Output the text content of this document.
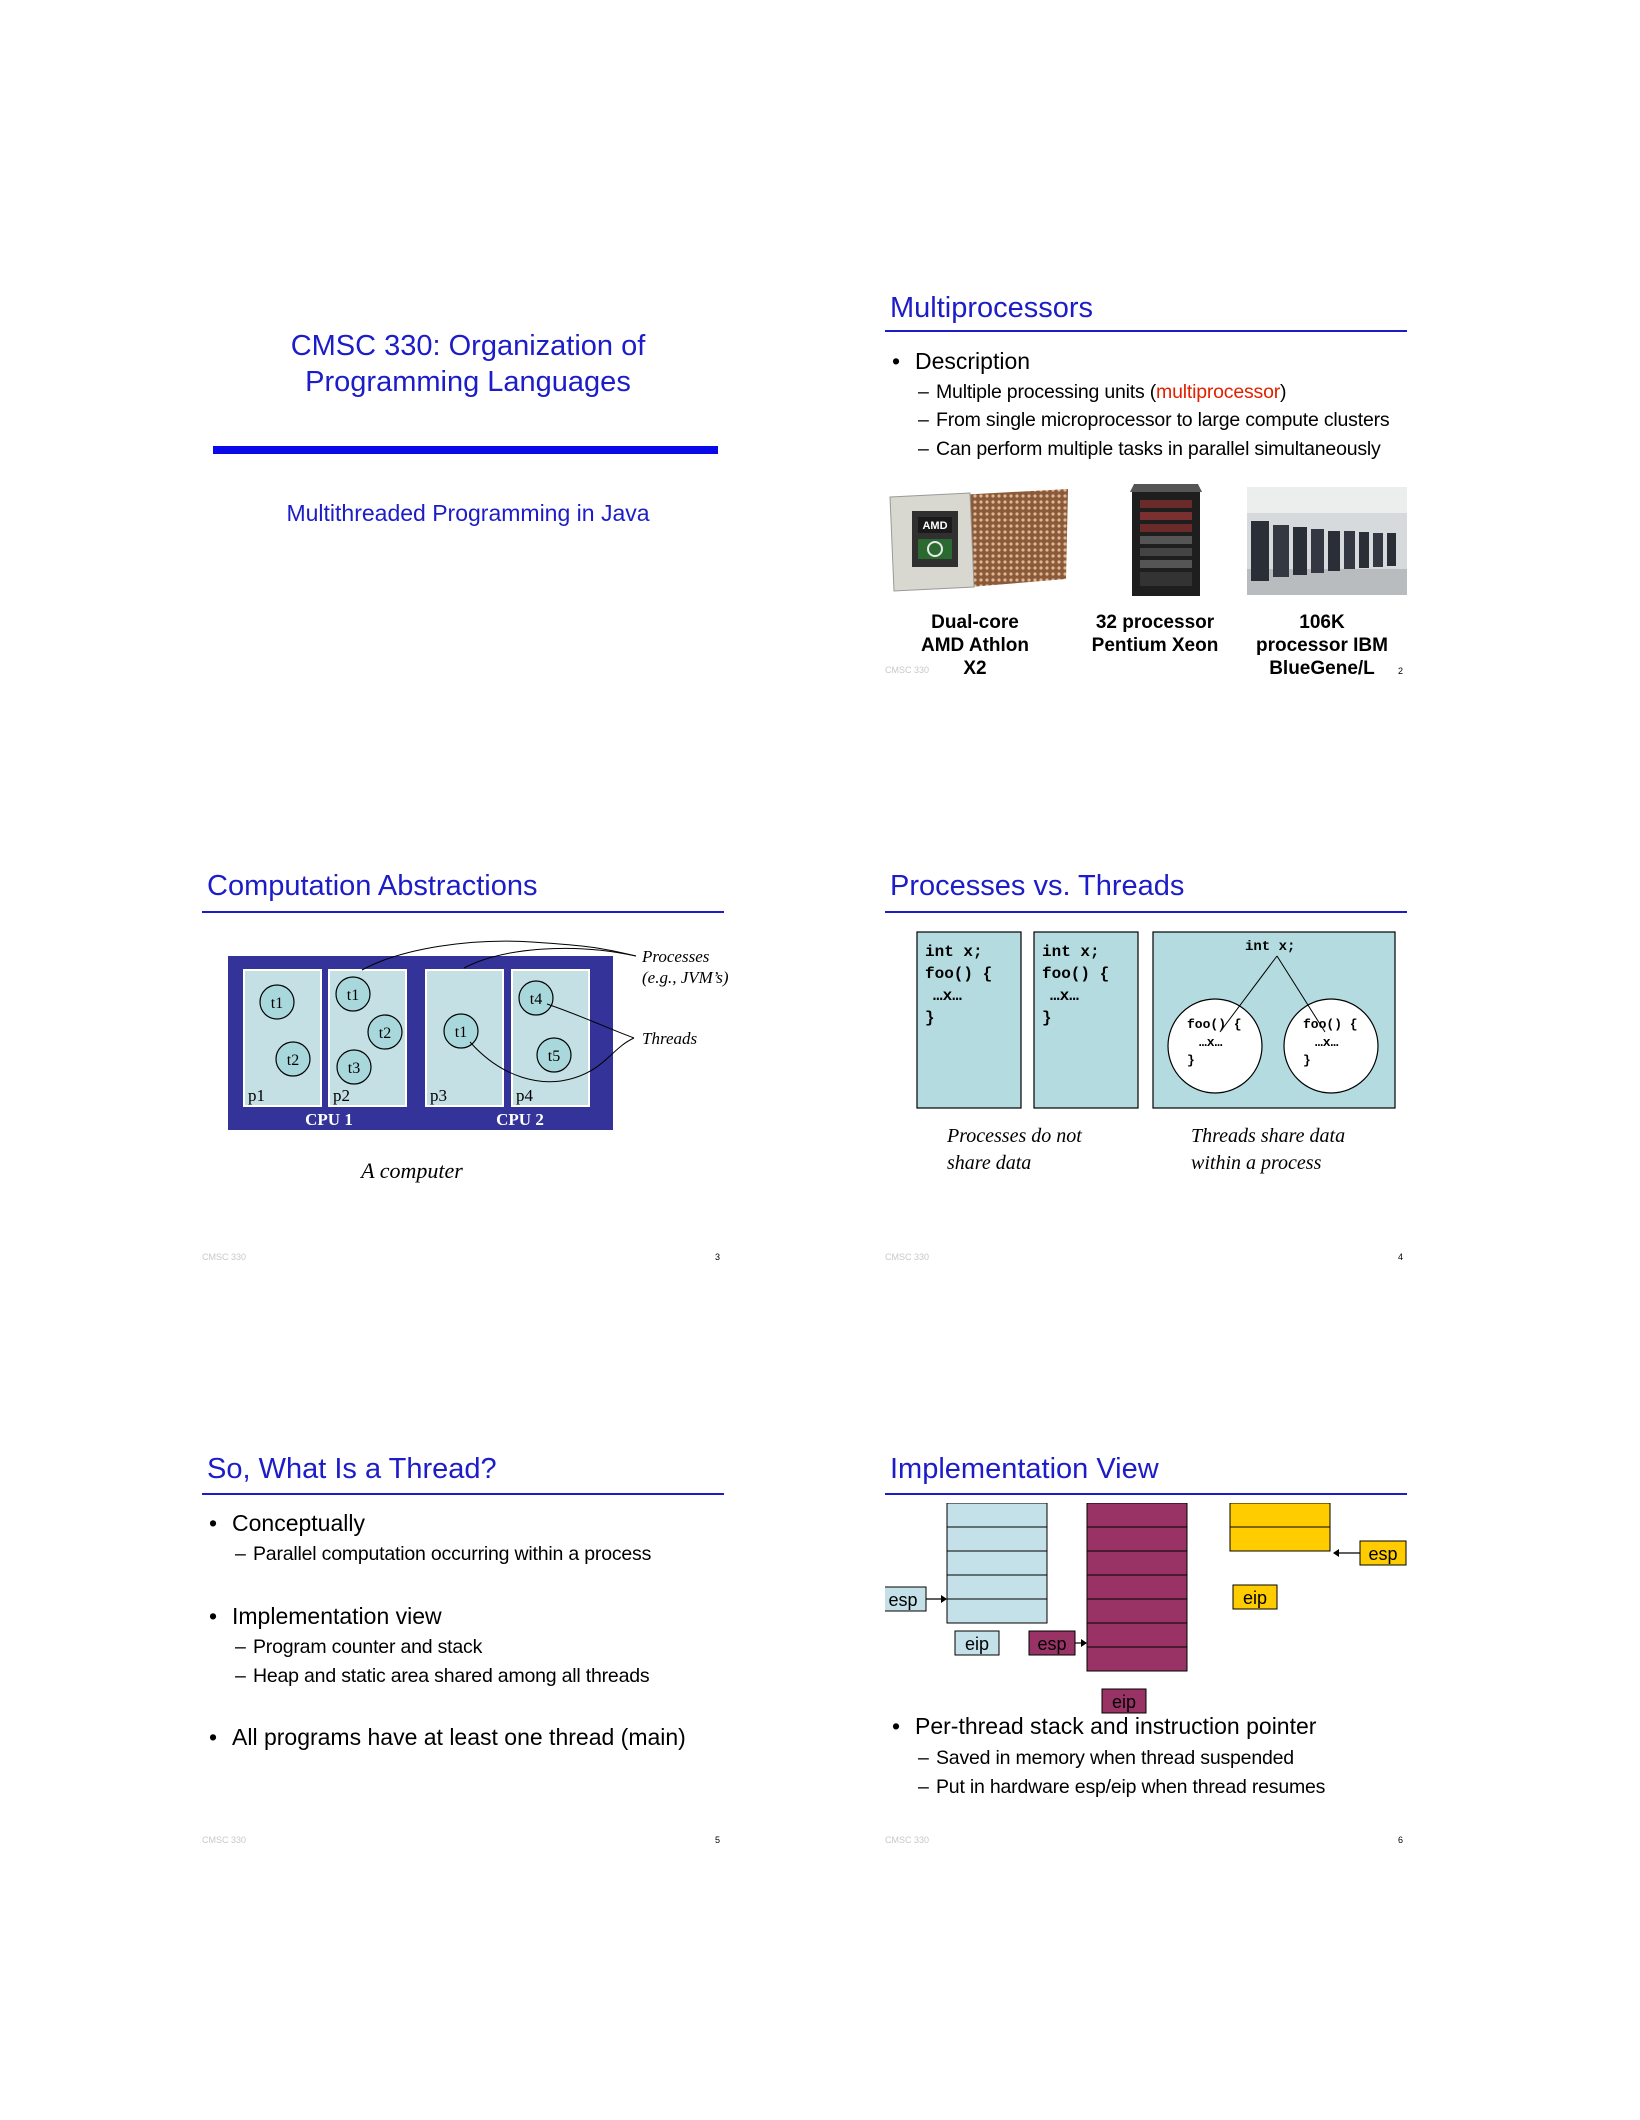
CMSC 330: Organization of
Programming Languages
Multithreaded Programming in Java
Multiprocessors
• Description
– Multiple processing units (multiprocessor)
– From single microprocessor to large compute clusters
– Can perform multiple tasks in parallel simultaneously
AMD
Dual-core
AMD Athlon
X2
32 processor
Pentium Xeon
106K
processor IBM
BlueGene/L
CMSC 330	2
Computation Abstractions
t1
t2
t1
t2
t3
t1
t4
t5
p1	p2	p3	p4
CPU 1	CPU 2
Processes
(e.g., JVM’s)
Threads
A computer
CMSC 330	3
Processes vs. Threads
int x;
foo() {
…x…
}
int x;
foo() {
…x…
}
int x;
foo() {
…x…
}
foo() {
…x…
}
Processes do not
share data
Threads share data
within a process
CMSC 330	4
So, What Is a Thread?
• Conceptually
– Parallel computation occurring within a process
• Implementation view
– Program counter and stack
– Heap and static area shared among all threads
• All programs have at least one thread (main)
CMSC 330	5
Implementation View
esp
eip	esp
eip
esp
eip
• Per-thread stack and instruction pointer
– Saved in memory when thread suspended
– Put in hardware esp/eip when thread resumes
CMSC 330	6
